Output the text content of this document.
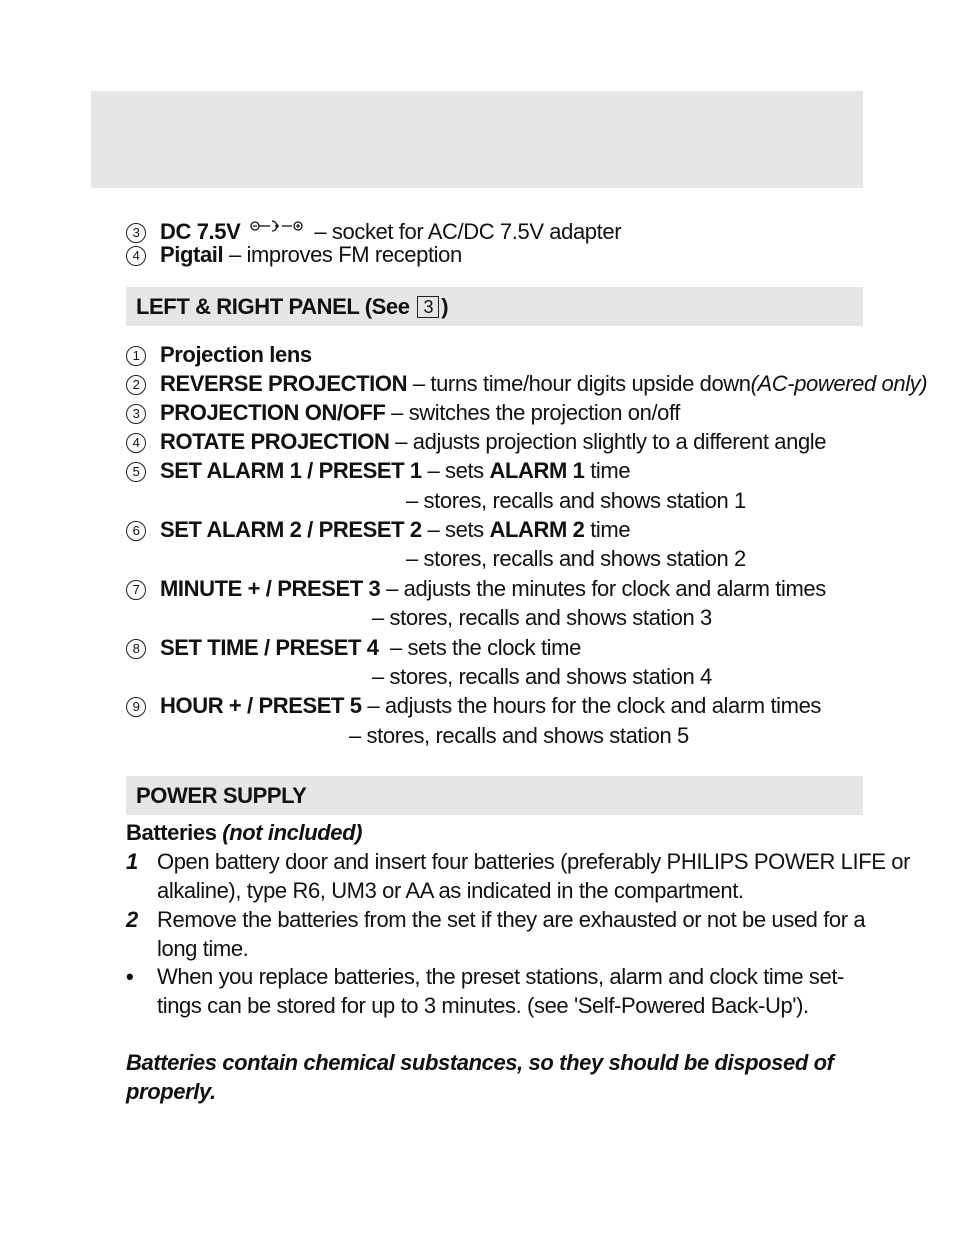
3 DC 7.5V	– socket for AC/DC 7.5V adapter
4 Pigtail – improves FM reception
LEFT & RIGHT PANEL (See 3 )
1 Projection lens
2 REVERSE PROJECTION – turns time/hour digits upside down(AC-powered only)
3 PROJECTION ON/OFF – switches the projection on/off
4 ROTATE PROJECTION – adjusts projection slightly to a different angle
5 SET ALARM 1 / PRESET 1 – sets ALARM 1 time
– stores, recalls and shows station 1
6 SET ALARM 2 / PRESET 2 – sets ALARM 2 time
– stores, recalls and shows station 2
7 MINUTE + / PRESET 3 – adjusts the minutes for clock and alarm times
– stores, recalls and shows station 3
8 SET TIME / PRESET 4 – sets the clock time
– stores, recalls and shows station 4
9 HOUR + / PRESET 5 – adjusts the hours for the clock and alarm times
– stores, recalls and shows station 5
POWER SUPPLY
Batteries (not included)
1 Open battery door and insert four batteries (preferably PHILIPS POWER LIFE or
alkaline), type R6, UM3 or AA as indicated in the compartment.
2 Remove the batteries from the set if they are exhausted or not be used for a
long time.
• When you replace batteries, the preset stations, alarm and clock time set-
tings can be stored for up to 3 minutes. (see 'Self-Powered Back-Up').
Batteries contain chemical substances, so they should be disposed of properly.
